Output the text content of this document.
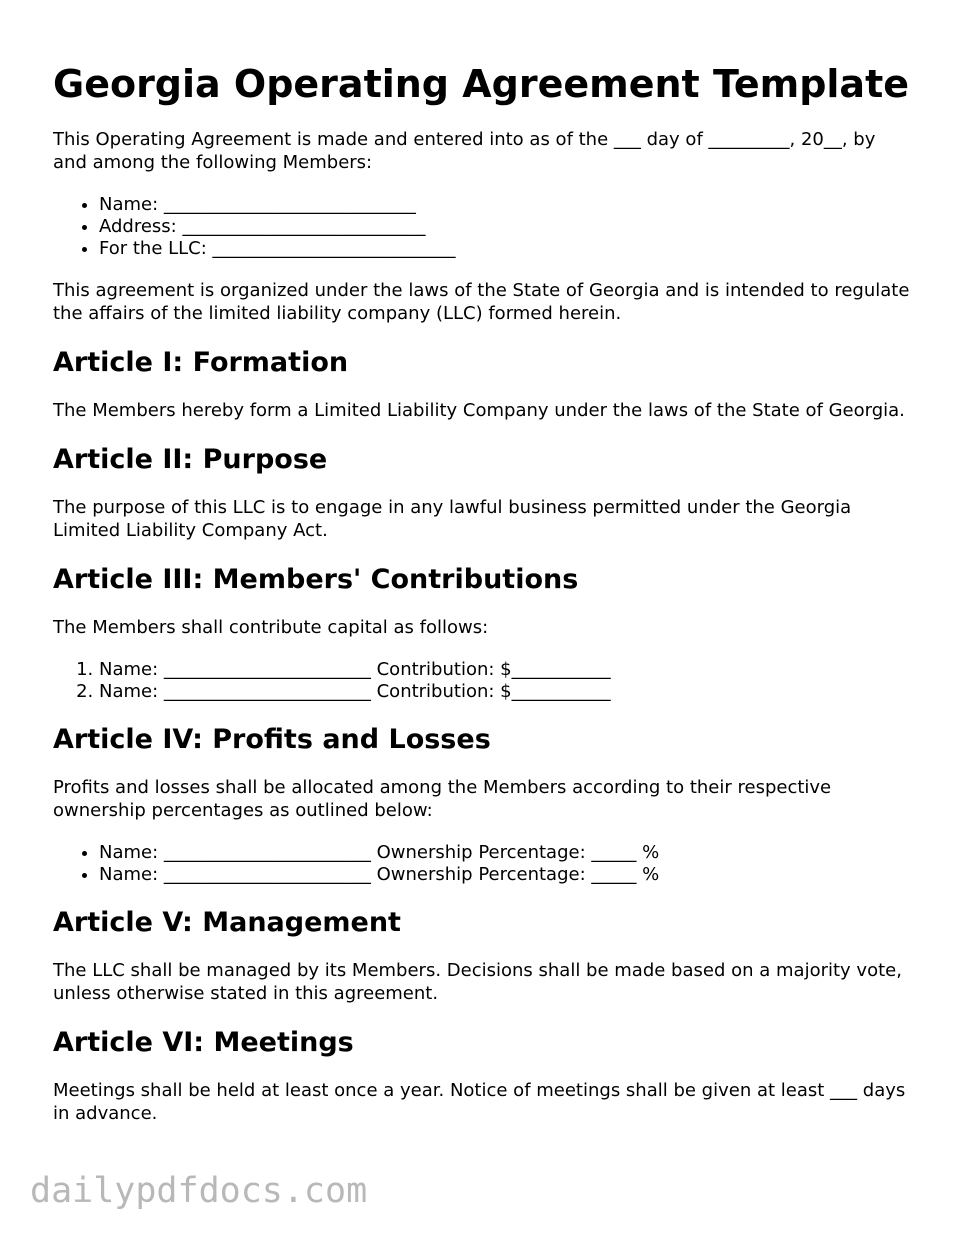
Georgia Operating Agreement Template

This Operating Agreement is made and entered into as of the ___ day of _________, 20__, by and among the following Members:

• Name: ____________________________
• Address: ___________________________
• For the LLC: ___________________________

This agreement is organized under the laws of the State of Georgia and is intended to regulate the affairs of the limited liability company (LLC) formed herein.

Article I: Formation

The Members hereby form a Limited Liability Company under the laws of the State of Georgia.

Article II: Purpose

The purpose of this LLC is to engage in any lawful business permitted under the Georgia Limited Liability Company Act.

Article III: Members' Contributions

The Members shall contribute capital as follows:

1. Name: _______________________ Contribution: $___________
2. Name: _______________________ Contribution: $___________
Article IV: Profits and Losses

Profits and losses shall be allocated among the Members according to their respective ownership percentages as outlined below:

• Name: _______________________ Ownership Percentage: _____ %
• Name: _______________________ Ownership Percentage: _____ %
Article V: Management

The LLC shall be managed by its Members. Decisions shall be made based on a majority vote, unless otherwise stated in this agreement.

Article VI: Meetings

Meetings shall be held at least once a year. Notice of meetings shall be given at least ___ days in advance.

dailypdfdocs.com
